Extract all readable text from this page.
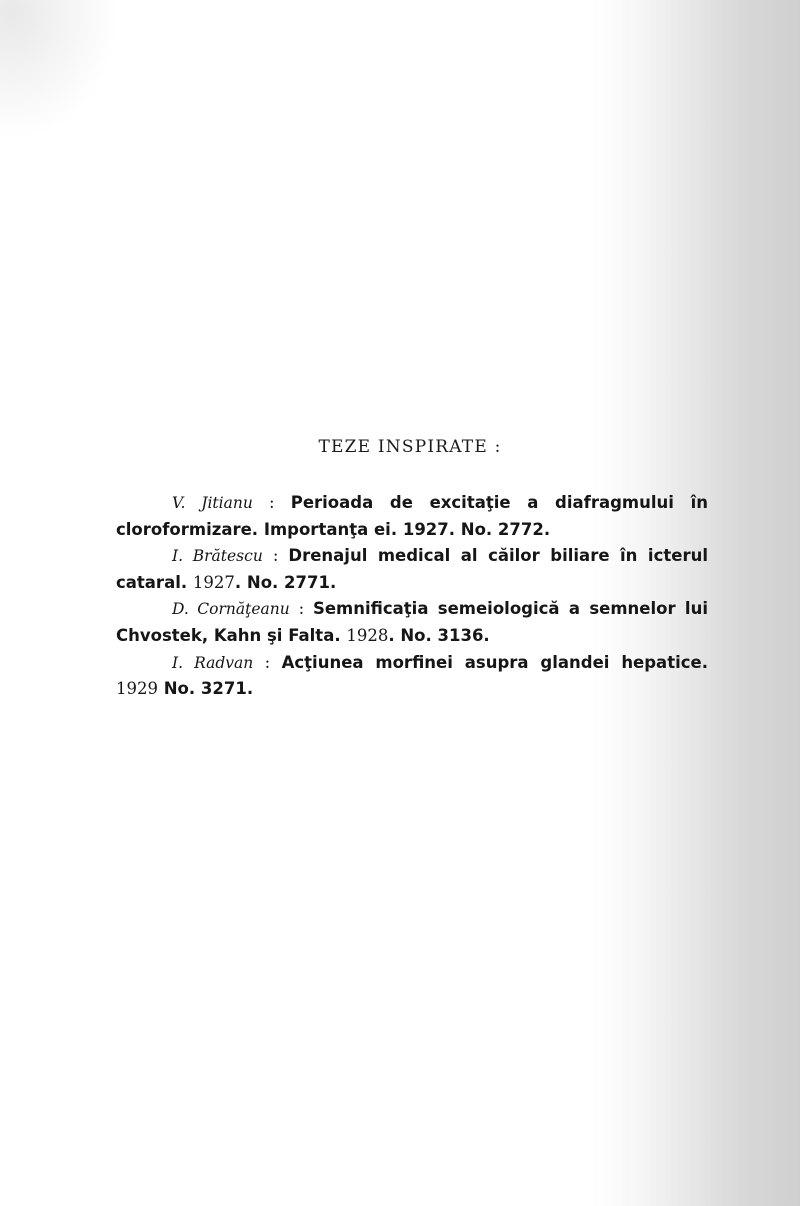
TEZE INSPIRATE :

V. Jitianu : Perioada de excitaţie a diafragmului în cloroformizare. Importanţa ei. 1927. No. 2772.

I. Brătescu : Drenajul medical al căilor biliare în icterul cataral. 1927. No. 2771.

D. Cornăţeanu : Semnificaţia semeiologică a semnelor lui Chvostek, Kahn şi Falta. 1928. No. 3136.

I. Radvan : Acţiunea morfinei asupra glandei hepatice. 1929 No. 3271.
